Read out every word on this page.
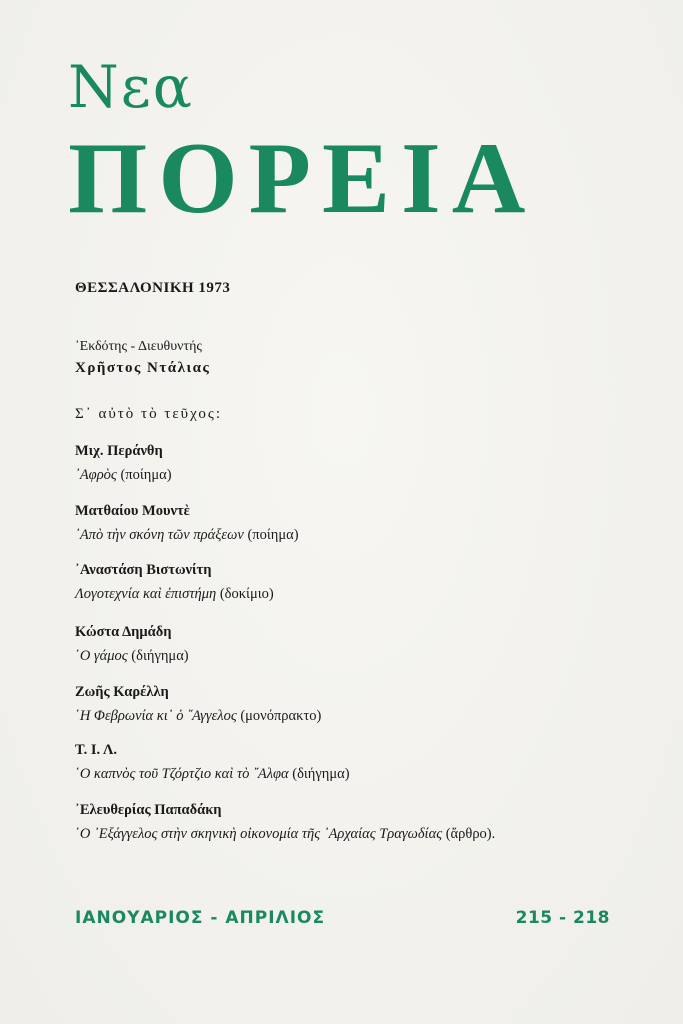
Νεα
ΠΟΡΕΙΑ
ΘΕΣΣΑΛΟΝΙΚΗ 1973
᾿Εκδότης - Διευθυντής
Χρῆστος Ντάλιας
Σ᾿ αὐτὸ τὸ τεῦχος:
Μιχ. Περάνθη
᾿Αφρὸς (ποίημα)
Ματθαίου Μουντὲ
᾿Απὸ τὴν σκόνη τῶν πράξεων (ποίημα)
᾿Αναστάση Βιστωνίτη
Λογοτεχνία καὶ ἐπιστήμη (δοκίμιο)
Κώστα Δημάδη
῾Ο γάμος (διήγημα)
Ζωῆς Καρέλλη
῾Η Φεβρωνία κι᾿ ὁ ῎Αγγελος (μονόπρακτο)
Τ. Ι. Λ.
῾Ο καπνὸς τοῦ Τζόρτζιο καὶ τὸ ῎Αλφα (διήγημα)
᾿Ελευθερίας Παπαδάκη
῾Ο ᾿Εξάγγελος στὴν σκηνικὴ οἰκονομία τῆς ᾿Αρχαίας Τραγωδίας (ἄρθρο).
ΙΑΝΟΥΑΡΙΟΣ - ΑΠΡΙΛΙΟΣ	215 - 218
